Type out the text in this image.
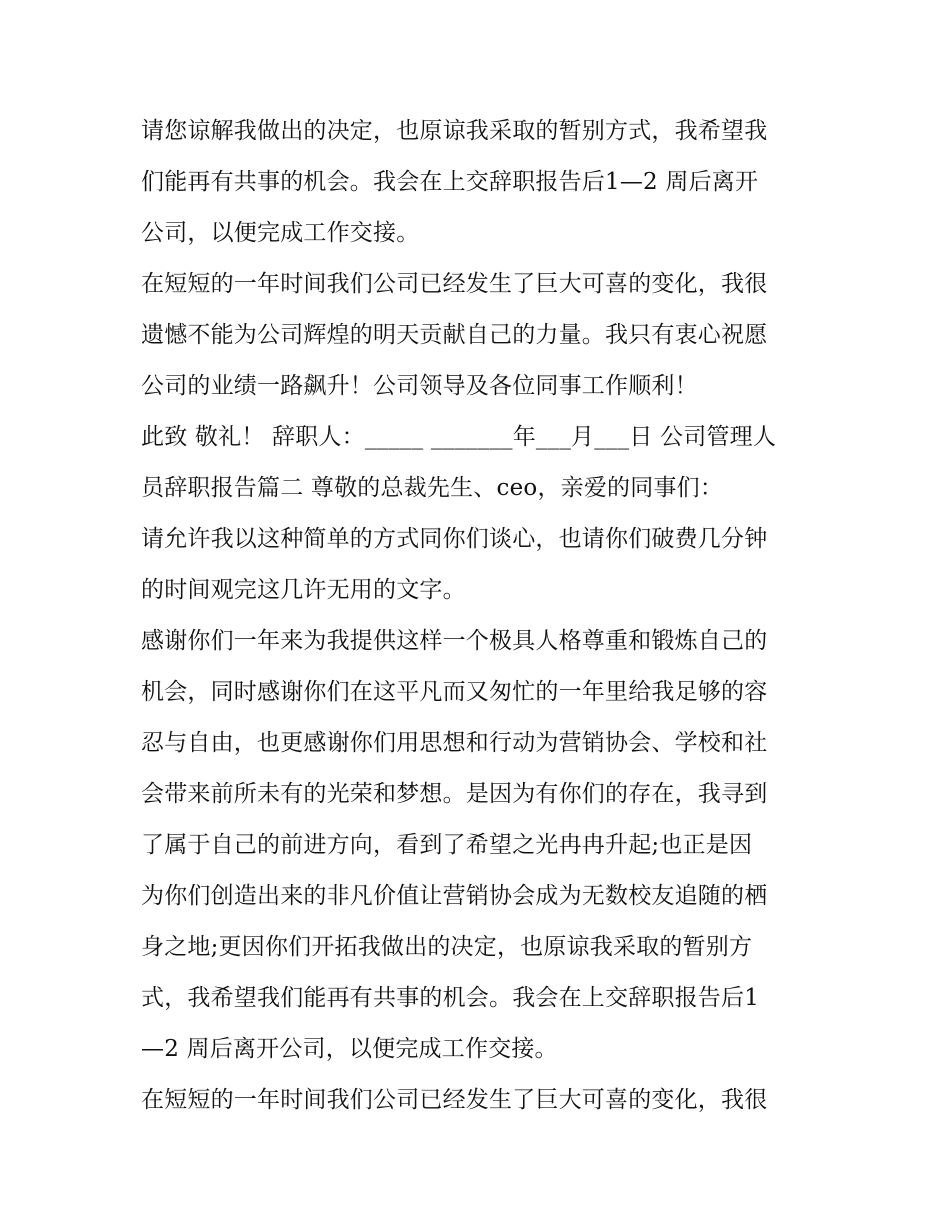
请您谅解我做出的决定，也原谅我采取的暂别方式，我希望我
们能再有共事的机会。我会在上交辞职报告后1—2 周后离开
公司，以便完成工作交接。
在短短的一年时间我们公司已经发生了巨大可喜的变化，我很
遗憾不能为公司辉煌的明天贡献自己的力量。我只有衷心祝愿
公司的业绩一路飙升！公司领导及各位同事工作顺利！
此致 敬礼！ 辞职人：_____ _______年___月___日 公司管理人
员辞职报告篇二 尊敬的总裁先生、ceo，亲爱的同事们：
请允许我以这种简单的方式同你们谈心，也请你们破费几分钟
的时间观完这几许无用的文字。
感谢你们一年来为我提供这样一个极具人格尊重和锻炼自己的
机会，同时感谢你们在这平凡而又匆忙的一年里给我足够的容
忍与自由，也更感谢你们用思想和行动为营销协会、学校和社
会带来前所未有的光荣和梦想。是因为有你们的存在，我寻到
了属于自己的前进方向，看到了希望之光冉冉升起;也正是因
为你们创造出来的非凡价值让营销协会成为无数校友追随的栖
身之地;更因你们开拓我做出的决定，也原谅我采取的暂别方
式，我希望我们能再有共事的机会。我会在上交辞职报告后1
—2 周后离开公司，以便完成工作交接。
在短短的一年时间我们公司已经发生了巨大可喜的变化，我很
